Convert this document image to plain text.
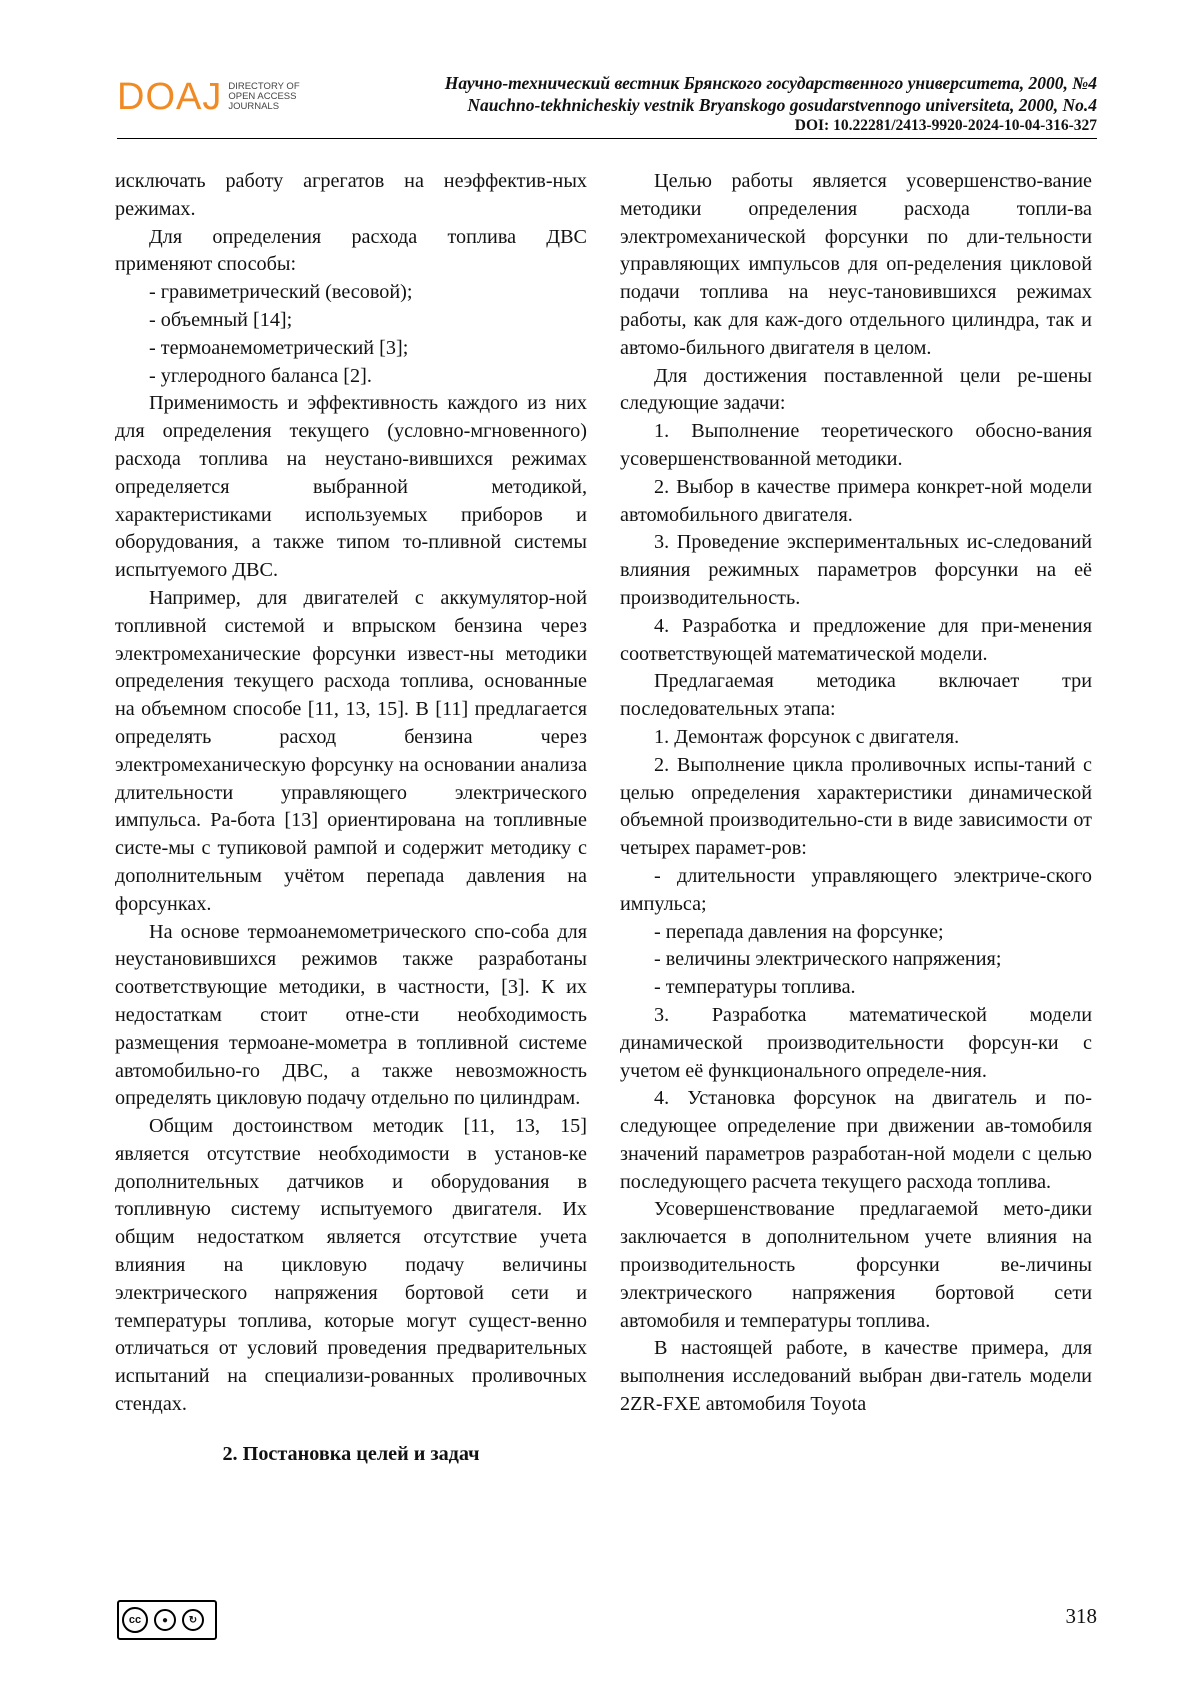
DOAJ DIRECTORY OF
OPEN ACCESS
JOURNALS
Научно-технический вестник Брянского государственного университета, 2000, №4
Nauchno-tekhnicheskiy vestnik Bryanskogo gosudarstvennogo universiteta, 2000, No.4
DOI: 10.22281/2413-9920-2024-10-04-316-327

исключать работу агрегатов на неэффектив-ных режимах.

Для определения расхода топлива ДВС применяют способы:

- гравиметрический (весовой);

- объемный [14];

- термоанемометрический [3];

- углеродного баланса [2].

Применимость и эффективность каждого из них для определения текущего (условно-мгновенного) расхода топлива на неустано-вившихся режимах определяется выбранной методикой, характеристиками используемых приборов и оборудования, а также типом то-пливной системы испытуемого ДВС.

Например, для двигателей с аккумулятор-ной топливной системой и впрыском бензина через электромеханические форсунки извест-ны методики определения текущего расхода топлива, основанные на объемном способе [11, 13, 15]. В [11] предлагается определять расход бензина через электромеханическую форсунку на основании анализа длительности управляющего электрического импульса. Ра-бота [13] ориентирована на топливные систе-мы с тупиковой рампой и содержит методику с дополнительным учётом перепада давления на форсунках.

На основе термоанемометрического спо-соба для неустановившихся режимов также разработаны соответствующие методики, в частности, [3]. К их недостаткам стоит отне-сти необходимость размещения термоане-мометра в топливной системе автомобильно-го ДВС, а также невозможность определять цикловую подачу отдельно по цилиндрам.

Общим достоинством методик [11, 13, 15] является отсутствие необходимости в установ-ке дополнительных датчиков и оборудования в топливную систему испытуемого двигателя. Их общим недостатком является отсутствие учета влияния на цикловую подачу величины электрического напряжения бортовой сети и температуры топлива, которые могут сущест-венно отличаться от условий проведения предварительных испытаний на специализи-рованных проливочных стендах.

2. Постановка целей и задач

Целью работы является усовершенство-вание методики определения расхода топли-ва электромеханической форсунки по дли-тельности управляющих импульсов для оп-ределения цикловой подачи топлива на неус-тановившихся режимах работы, как для каж-дого отдельного цилиндра, так и автомо-бильного двигателя в целом.

Для достижения поставленной цели ре-шены следующие задачи:

1. Выполнение теоретического обосно-вания усовершенствованной методики.

2. Выбор в качестве примера конкрет-ной модели автомобильного двигателя.

3. Проведение экспериментальных ис-следований влияния режимных параметров форсунки на её производительность.

4. Разработка и предложение для при-менения соответствующей математической модели.

Предлагаемая методика включает три последовательных этапа:

1. Демонтаж форсунок с двигателя.

2. Выполнение цикла проливочных испы-таний с целью определения характеристики динамической объемной производительно-сти в виде зависимости от четырех парамет-ров:

- длительности управляющего электриче-ского импульса;

- перепада давления на форсунке;

- величины электрического напряжения;

- температуры топлива.

3. Разработка математической модели динамической производительности форсун-ки с учетом её функционального определе-ния.

4. Установка форсунок на двигатель и по-следующее определение при движении ав-томобиля значений параметров разработан-ной модели с целью последующего расчета текущего расхода топлива.

Усовершенствование предлагаемой мето-дики заключается в дополнительном учете влияния на производительность форсунки ве-личины электрического напряжения бортовой сети автомобиля и температуры топлива.

В настоящей работе, в качестве примера, для выполнения исследований выбран дви-гатель модели 2ZR-FXE автомобиля Toyota

cc	●	↻	318
